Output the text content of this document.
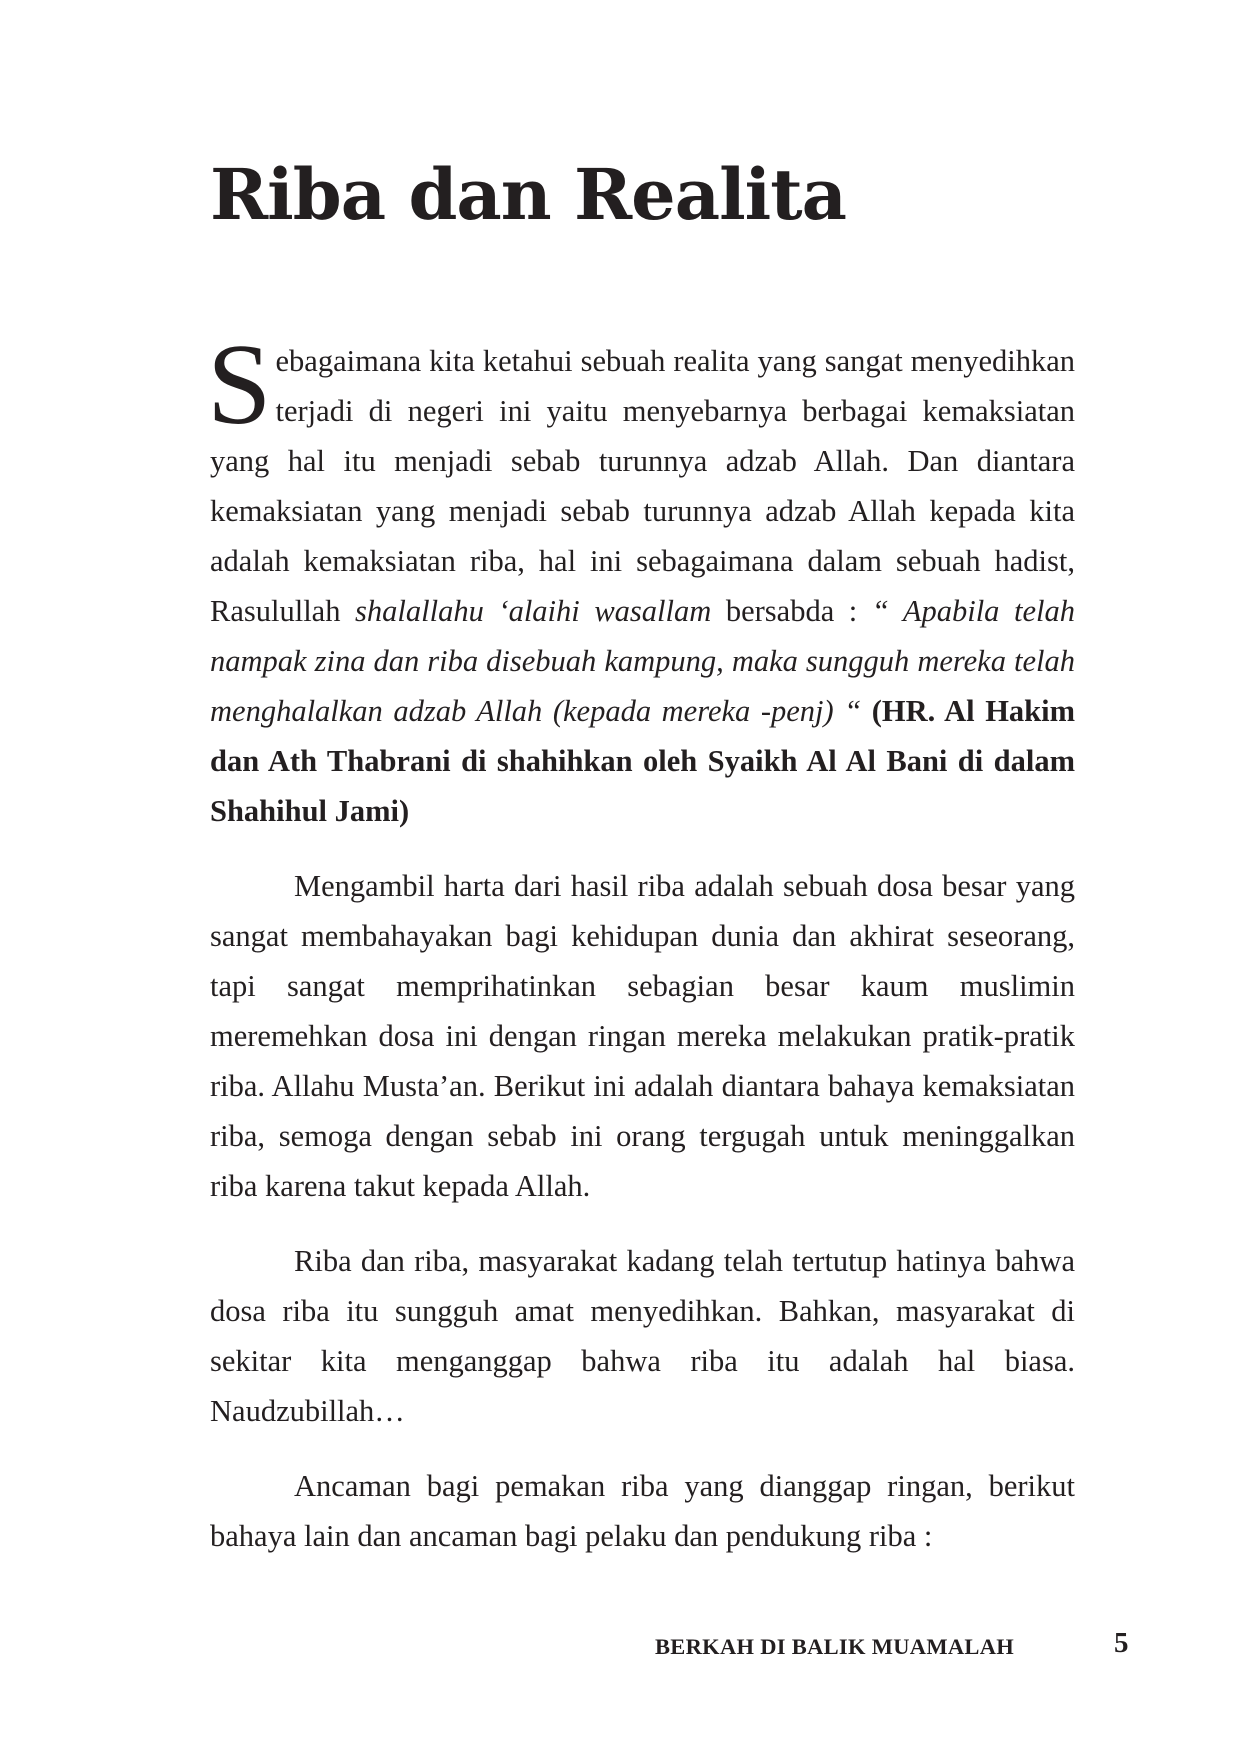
Riba dan Realita

Sebagaimana kita ketahui sebuah realita yang sangat menyedihkan terjadi di negeri ini yaitu menyebarnya berbagai kemaksiatan yang hal itu menjadi sebab turunnya adzab Allah. Dan diantara kemaksiatan yang menjadi sebab turunnya adzab Allah kepada kita adalah kemaksiatan riba, hal ini sebagaimana dalam sebuah hadist, Rasulullah shalallahu ‘alaihi wasallam bersabda : “ Apabila telah nampak zina dan riba disebuah kampung, maka sungguh mereka telah menghalalkan adzab Allah (kepada mereka -penj) “ (HR. Al Hakim dan Ath Thabrani di shahihkan oleh Syaikh Al Al Bani di dalam Shahihul Jami)

Mengambil harta dari hasil riba adalah sebuah dosa besar yang sangat membahayakan bagi kehidupan dunia dan akhirat seseorang, tapi sangat memprihatinkan sebagian besar kaum muslimin meremehkan dosa ini dengan ringan mereka melakukan pratik-pratik riba. Allahu Musta’an. Berikut ini adalah diantara bahaya kemaksiatan riba, semoga dengan sebab ini orang tergugah untuk meninggalkan riba karena takut kepada Allah.

Riba dan riba, masyarakat kadang telah tertutup hatinya bahwa dosa riba itu sungguh amat menyedihkan. Bahkan, masyarakat di sekitar kita menganggap bahwa riba itu adalah hal biasa. Naudzubillah…

Ancaman bagi pemakan riba yang dianggap ringan, berikut bahaya lain dan ancaman bagi pelaku dan pendukung riba :

BERKAH DI BALIK MUAMALAH	5
